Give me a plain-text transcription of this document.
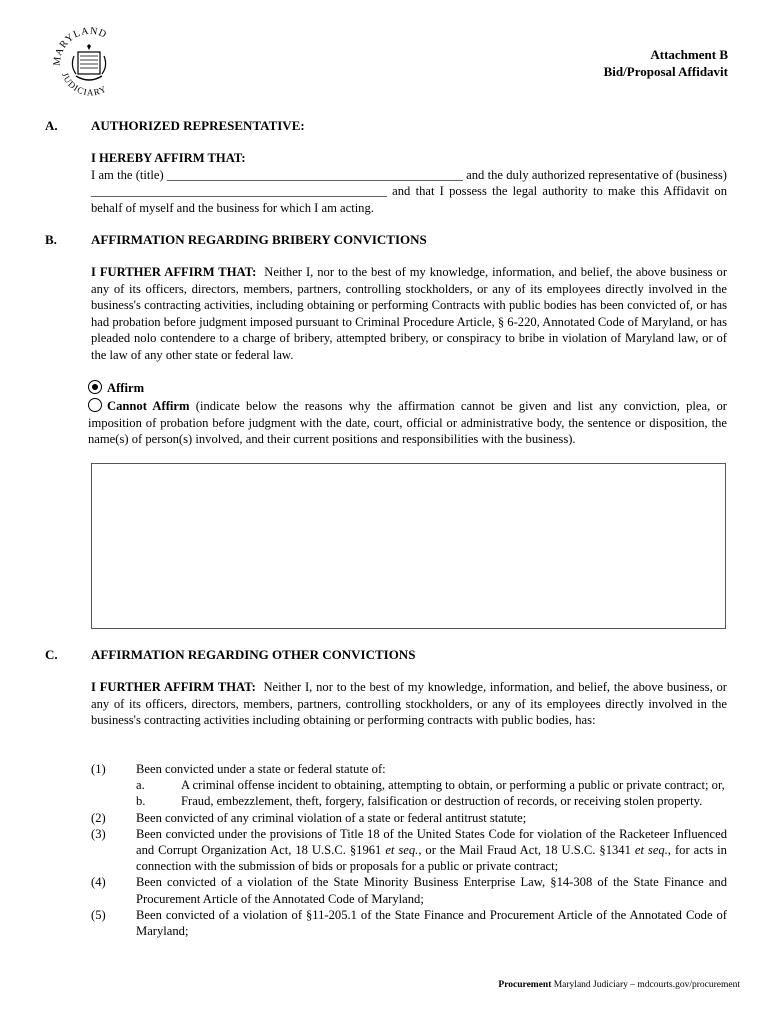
MARYLAND
JUDICIARY
Attachment B
Bid/Proposal Affidavit
A.	AUTHORIZED REPRESENTATIVE:
I HEREBY AFFIRM THAT:
I am the (title) _______________________________________________ and the duly authorized representative of (business) _______________________________________________ and that I possess the legal authority to make this Affidavit on behalf of myself and the business for which I am acting.
B.	AFFIRMATION REGARDING BRIBERY CONVICTIONS
I FURTHER AFFIRM THAT: Neither I, nor to the best of my knowledge, information, and belief, the above business or any of its officers, directors, members, partners, controlling stockholders, or any of its employees directly involved in the business's contracting activities, including obtaining or performing Contracts with public bodies has been convicted of, or has had probation before judgment imposed pursuant to Criminal Procedure Article, § 6-220, Annotated Code of Maryland, or has pleaded nolo contendere to a charge of bribery, attempted bribery, or conspiracy to bribe in violation of Maryland law, or of the law of any other state or federal law.
Affirm
Cannot Affirm (indicate below the reasons why the affirmation cannot be given and list any conviction, plea, or imposition of probation before judgment with the date, court, official or administrative body, the sentence or disposition, the name(s) of person(s) involved, and their current positions and responsibilities with the business).
C.	AFFIRMATION REGARDING OTHER CONVICTIONS
I FURTHER AFFIRM THAT: Neither I, nor to the best of my knowledge, information, and belief, the above business, or any of its officers, directors, members, partners, controlling stockholders, or any of its employees directly involved in the business's contracting activities including obtaining or performing contracts with public bodies, has:
(1) Been convicted under a state or federal statute of:
a.	A criminal offense incident to obtaining, attempting to obtain, or performing a public or private contract; or,
b.	Fraud, embezzlement, theft, forgery, falsification or destruction of records, or receiving stolen property.
(2) Been convicted of any criminal violation of a state or federal antitrust statute;
(3) Been convicted under the provisions of Title 18 of the United States Code for violation of the Racketeer Influenced and Corrupt Organization Act, 18 U.S.C. §1961 et seq., or the Mail Fraud Act, 18 U.S.C. §1341 et seq., for acts in connection with the submission of bids or proposals for a public or private contract;
(4) Been convicted of a violation of the State Minority Business Enterprise Law, §14-308 of the State Finance and Procurement Article of the Annotated Code of Maryland;
(5) Been convicted of a violation of §11-205.1 of the State Finance and Procurement Article of the Annotated Code of Maryland;
Procurement Maryland Judiciary – mdcourts.gov/procurement
